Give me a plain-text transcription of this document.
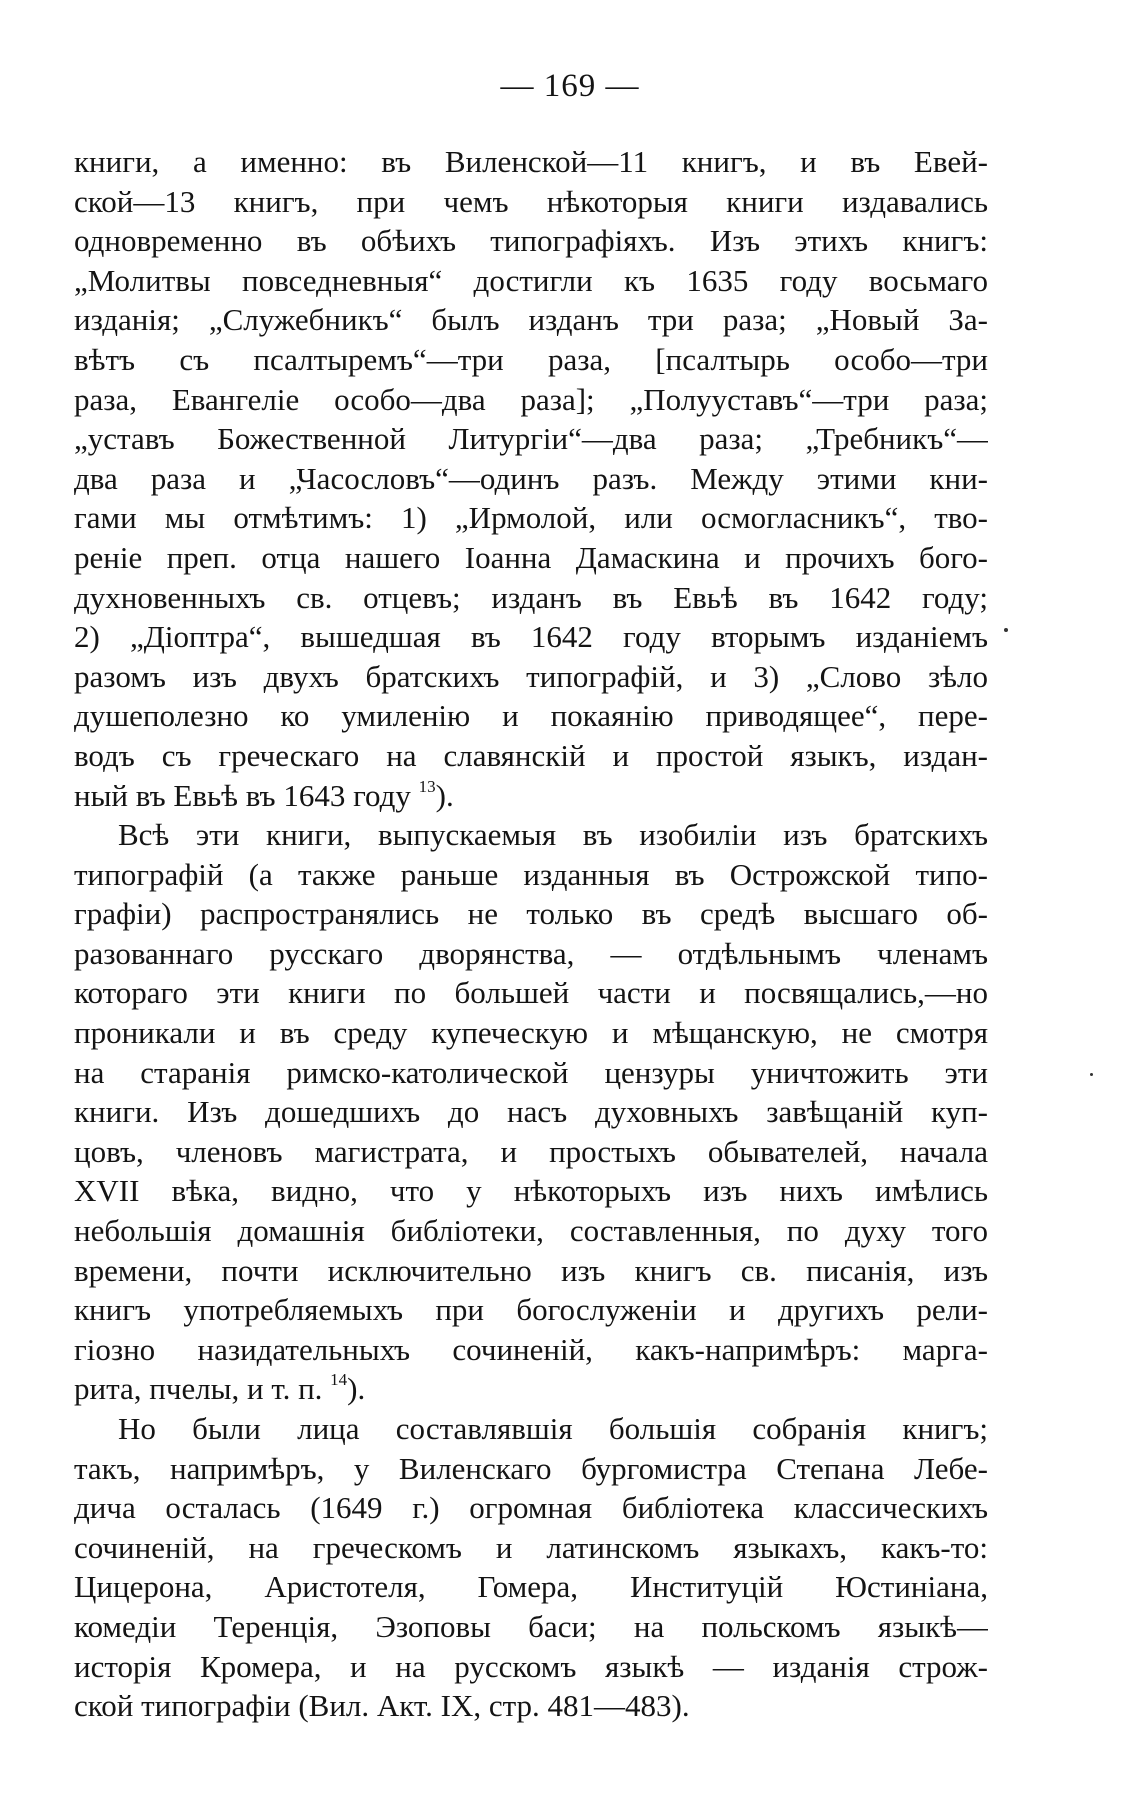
— 169 —
книги, а именно: въ Виленской—11 книгъ, и въ Евей-
ской—13 книгъ, при чемъ нѣкоторыя книги издавались
одновременно въ обѣихъ типографіяхъ. Изъ этихъ книгъ:
„Молитвы повседневныя“ достигли къ 1635 году восьмаго
изданія; „Служебникъ“ былъ изданъ три раза; „Новый За-
вѣтъ съ псалтыремъ“—три раза, [псалтырь особо—три
раза, Евангеліе особо—два раза]; „Полууставъ“—три раза;
„уставъ Божественной Литургіи“—два раза; „Требникъ“—
два раза и „Часословъ“—одинъ разъ. Между этими кни-
гами мы отмѣтимъ: 1) „Ирмолой, или осмогласникъ“, тво-
реніе преп. отца нашего Іоанна Дамаскина и прочихъ бого-
духновенныхъ св. отцевъ; изданъ въ Евьѣ въ 1642 году;
2) „Діоптра“, вышедшая въ 1642 году вторымъ изданіемъ
разомъ изъ двухъ братскихъ типографій, и 3) „Слово зѣло
душеполезно ко умиленію и покаянію приводящее“, пере-
водъ съ греческаго на славянскій и простой языкъ, издан-
ный въ Евьѣ въ 1643 году $^{13}$).
Всѣ эти книги, выпускаемыя въ изобиліи изъ братскихъ
типографій (а также раньше изданныя въ Острожской типо-
графіи) распространялись не только въ средѣ высшаго об-
разованнаго русскаго дворянства, — отдѣльнымъ членамъ
котораго эти книги по большей части и посвящались,—но
проникали и въ среду купеческую и мѣщанскую, не смотря
на старанія римско-католической цензуры уничтожить эти
книги. Изъ дошедшихъ до насъ духовныхъ завѣщаній куп-
цовъ, членовъ магистрата, и простыхъ обывателей, начала
XVII вѣка, видно, что у нѣкоторыхъ изъ нихъ имѣлись
небольшія домашнія библіотеки, составленныя, по духу того
времени, почти исключительно изъ книгъ св. писанія, изъ
книгъ употребляемыхъ при богослуженіи и другихъ рели-
гіозно назидательныхъ сочиненій, какъ-напримѣръ: марга-
рита, пчелы, и т. п. $^{14}$).
Но были лица составлявшія большія собранія книгъ;
такъ, напримѣръ, у Виленскаго бургомистра Степана Лебе-
дича осталась (1649 г.) огромная библіотека классическихъ
сочиненій, на греческомъ и латинскомъ языкахъ, какъ-то:
Цицерона, Аристотеля, Гомера, Институцій Юстиніана,
комедіи Теренція, Эзоповы баси; на польскомъ языкѣ—
исторія Кромера, и на русскомъ языкѣ — изданія строж-
ской типографіи (Вил. Акт. IX, стр. 481—483).
